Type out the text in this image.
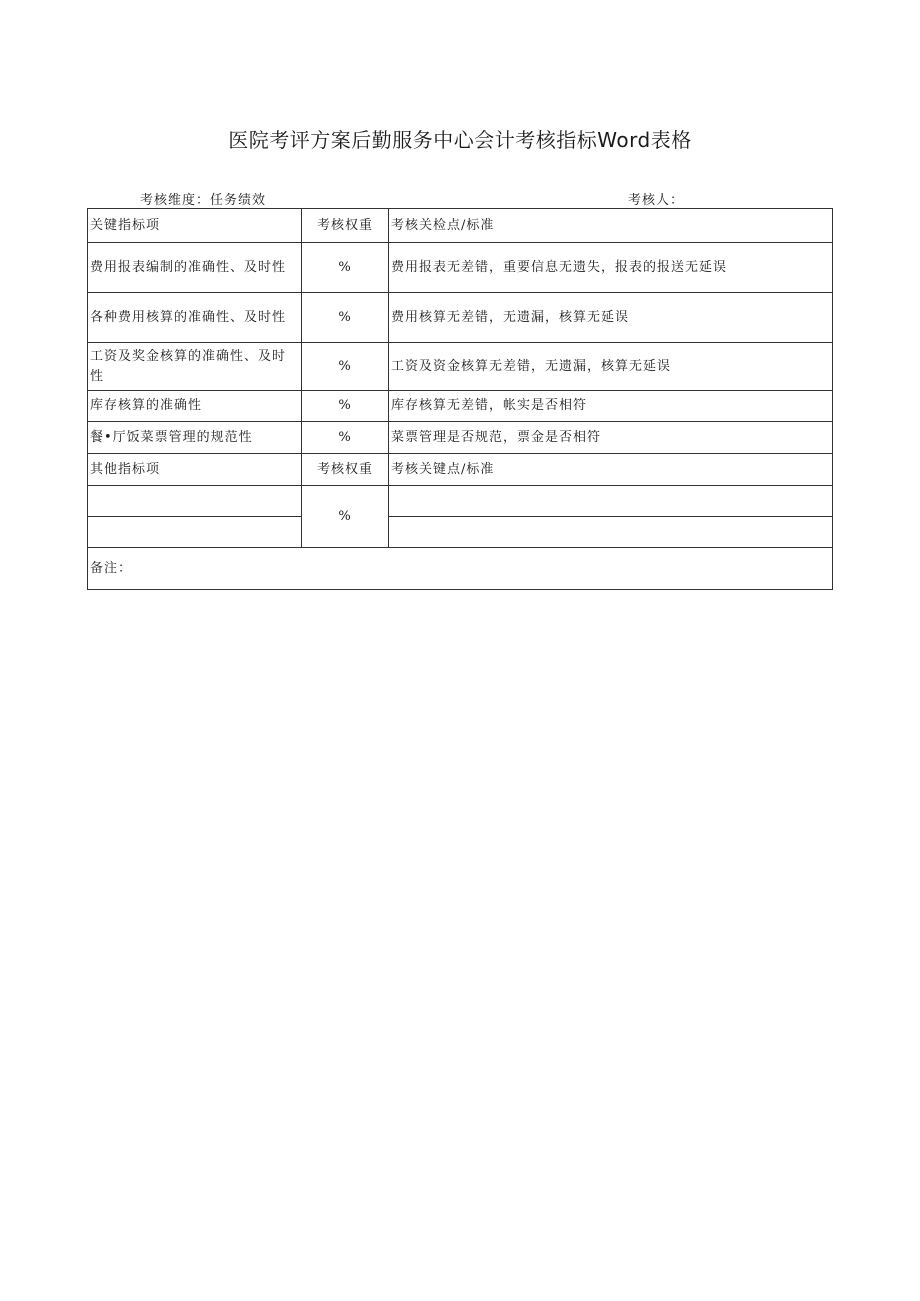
医院考评方案后勤服务中心会计考核指标Word表格
考核维度：任务绩效	考核人：
关键指标项	考核权重	考核关检点/标准
费用报表编制的准确性、及时性	%	费用报表无差错，重要信息无遗失，报表的报送无延误
各种费用核算的准确性、及时性	%	费用核算无差错，无遗漏，核算无延误
工资及奖金核算的准确性、及时性	%	工资及资金核算无差错，无遗漏，核算无延误
库存核算的准确性	%	库存核算无差错，帐实是否相符
餐•厅饭菜票管理的规范性	%	菜票管理是否规范，票金是否相符
其他指标项	考核权重	考核关键点/标准
	%	

备注：		
